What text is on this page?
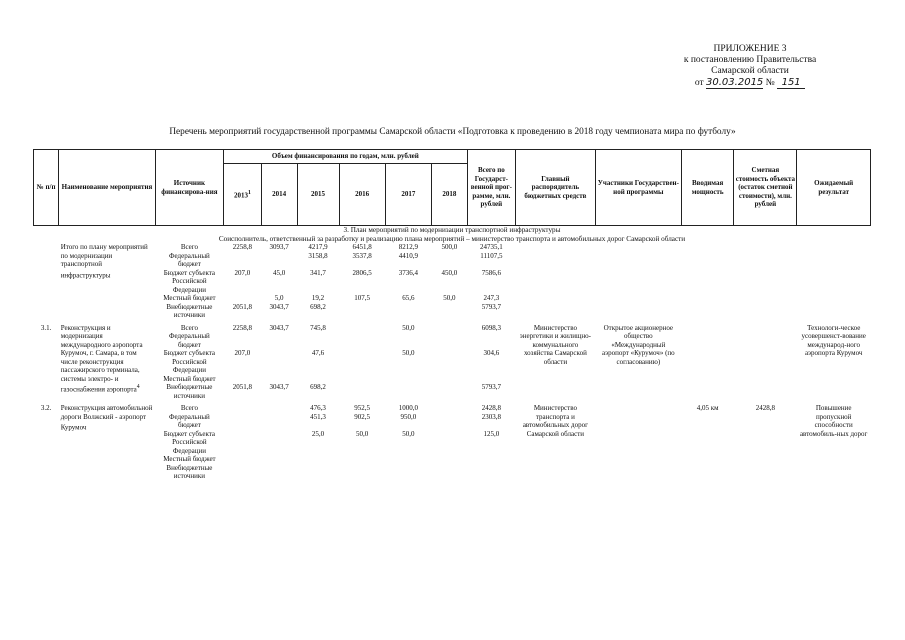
ПРИЛОЖЕНИЕ 3
к постановлению Правительства
Самарской области
от 30.03.2015 № 151
Перечень мероприятий государственной программы Самарской области «Подготовка к проведению в 2018 году чемпионата мира по футболу»
№ п/п	Наименование мероприятия	Источник финансирова-ния	Объем финансирования по годам, млн. рублей						Всего по Государст-венной прог-рамме, млн. рублей	Главный распорядитель бюджетных средств	Участники Государствен-ной программы	Вводимая мощность	Сметная стоимость объекта (остаток сметной стоимости), млн. рублей	Ожидаемый результат
			2013$^1$	2014	2015	2016	2017	2018						
3. План мероприятий по модернизации транспортной инфраструктуры														
Соисполнитель, ответственный за разработку и реализацию плана мероприятий – министерство транспорта и автомобильных дорог Самарской области														
	Итого по плану мероприятий по модернизации транспортной инфраструктуры	Всего	2258,8	3093,7	4217,9	6451,8	8212,9	500,0	24735,1					
		Федеральный бюджет			3158,8	3537,8	4410,9		11107,5					
		Бюджет субъекта Российской Федерации	207,0	45,0	341,7	2806,5	3736,4	450,0	7586,6					
		Местный бюджет		5,0	19,2	107,5	65,6	50,0	247,3					
		Внебюджетные источники	2051,8	3043,7	698,2				5793,7					

3.1.	Реконструкция и модернизация международного аэропорта Курумоч, г. Самара, в том числе реконструкция пассажирского терминала, системы электро- и газоснабжения аэропорта$^4$	Всего	2258,8	3043,7	745,8		50,0		6098,3	Министерство энергетики и жилищно-коммунального хозяйства Самарской области	Открытое акционерное общество «Международный аэропорт «Курумоч» (по согласованию)			Технологи-ческое усовершенст-вование междунарoд-ного аэропорта Курумоч
		Федеральный бюджет												
		Бюджет субъекта Российской Федерации	207,0		47,6		50,0		304,6					
		Местный бюджет												
		Внебюджетные источники	2051,8	3043,7	698,2				5793,7					

3.2.	Реконструкция автомобильной дороги Волжский - аэропорт Курумоч	Всего			476,3	952,5	1000,0		2428,8	Министерство транспорта и автомобильных дорог Самарской области		4,05 км	2428,8	Повышение пропускной способности автомобиль-ных дорог
		Федеральный бюджет			451,3	902,5	950,0		2303,8					
		Бюджет субъекта Российской Федерации			25,0	50,0	50,0		125,0					
		Местный бюджет												
		Внебюджетные источники												
